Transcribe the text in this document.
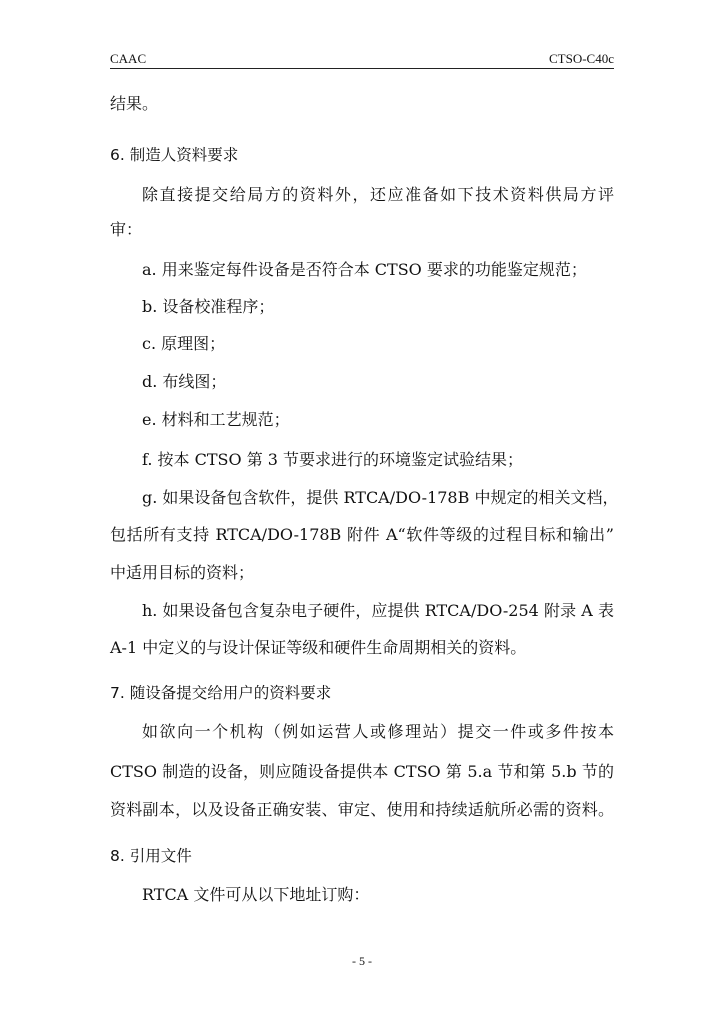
CAAC	CTSO-C40c
结果。
6. 制造人资料要求
除直接提交给局方的资料外，还应准备如下技术资料供局方评
审：
a. 用来鉴定每件设备是否符合本 CTSO 要求的功能鉴定规范；
b. 设备校准程序；
c. 原理图；
d. 布线图；
e. 材料和工艺规范；
f. 按本 CTSO 第 3 节要求进行的环境鉴定试验结果；
g. 如果设备包含软件，提供 RTCA/DO-178B 中规定的相关文档，
包括所有支持 RTCA/DO-178B 附件 A“软件等级的过程目标和输出”
中适用目标的资料；
h. 如果设备包含复杂电子硬件，应提供 RTCA/DO-254 附录 A 表
A-1 中定义的与设计保证等级和硬件生命周期相关的资料。
7. 随设备提交给用户的资料要求
如欲向一个机构（例如运营人或修理站）提交一件或多件按本
CTSO 制造的设备，则应随设备提供本 CTSO 第 5.a 节和第 5.b 节的
资料副本，以及设备正确安装、审定、使用和持续适航所必需的资料。
8. 引用文件
RTCA 文件可从以下地址订购：
- 5 -
